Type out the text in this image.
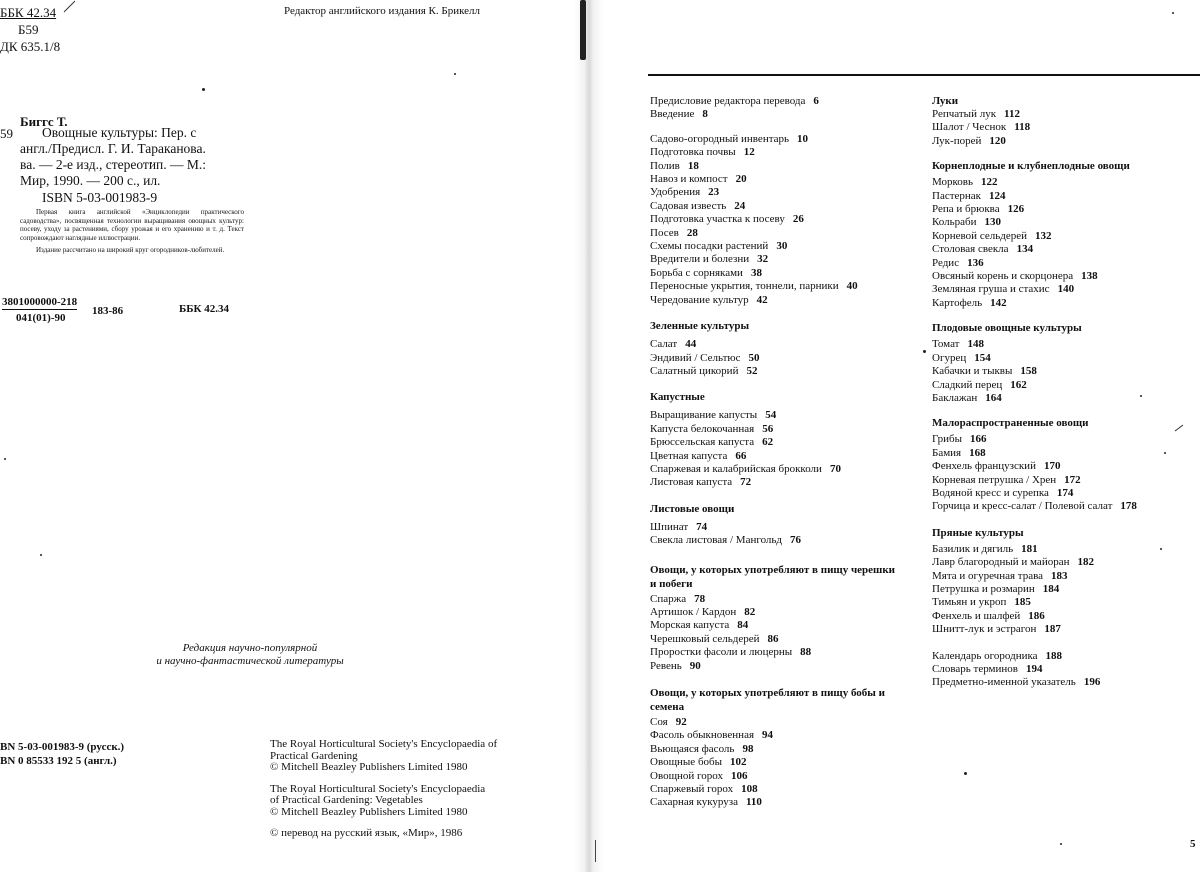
ББК 42.34
Б59
ДК 635.1/8
Редактор английского издания К. Брикелл
59
Биггс Т.
Овощные культуры: Пер. с
англ./Предисл. Г. И. Тараканова.
ва. — 2-е изд., стереотип. — М.:
Мир, 1990. — 200 с., ил.
ISBN 5-03-001983-9
Первая книга английской «Энциклопедии практического садоводства», посвященная технологии выращивания овощных культур: посеву, уходу за растениями, сбору урожая и его хранению и т. д. Текст сопровождают наглядные иллюстрации.
Издание рассчитано на широкий круг огородников-любителей.
$\frac{3801000000-218}{041(01)-90} 183-86$	ББК 42.34
Редакция научно-популярной
и научно-фантастической литературы
BN 5-03-001983-9 (русск.)
BN 0 85533 192 5 (англ.)
The Royal Horticultural Society's Encyclopaedia of
Practical Gardening
© Mitchell Beazley Publishers Limited 1980
The Royal Horticultural Society's Encyclopaedia
of Practical Gardening: Vegetables
© Mitchell Beazley Publishers Limited 1980
© перевод на русский язык, «Мир», 1986
Предисловие редактора перевода 6
Введение 8
Садово-огородный инвентарь 10
Подготовка почвы 12
Полив 18
Навоз и компост 20
Удобрения 23
Садовая известь 24
Подготовка участка к посеву 26
Посев 28
Схемы посадки растений 30
Вредители и болезни 32
Борьба с сорняками 38
Переносные укрытия, тоннели, парники 40
Чередование культур 42
Зеленные культуры
Салат 44
Эндивий / Сельтюс 50
Салатный цикорий 52
Капустные
Выращивание капусты 54
Капуста белокочанная 56
Брюссельская капуста 62
Цветная капуста 66
Спаржевая и калабрийская брокколи 70
Листовая капуста 72
Листовые овощи
Шпинат 74
Свекла листовая / Мангольд 76
Овощи, у которых употребляют в пищу черешки
и побеги
Спаржа 78
Артишок / Кардон 82
Морская капуста 84
Черешковый сельдерей 86
Проростки фасоли и люцерны 88
Ревень 90
Овощи, у которых употребляют в пищу бобы и
семена
Соя 92
Фасоль обыкновенная 94
Вьющаяся фасоль 98
Овощные бобы 102
Овощной горох 106
Спаржевый горох 108
Сахарная кукуруза 110
Луки
Репчатый лук 112
Шалот / Чеснок 118
Лук-порей 120
Корнеплодные и клубнеплодные овощи
Морковь 122
Пастернак 124
Репа и брюква 126
Кольраби 130
Корневой сельдерей 132
Столовая свекла 134
Редис 136
Овсяный корень и скорцонера 138
Земляная груша и стахис 140
Картофель 142
Плодовые овощные культуры
Томат 148
Огурец 154
Кабачки и тыквы 158
Сладкий перец 162
Баклажан 164
Малораспространенные овощи
Грибы 166
Бамия 168
Фенхель французский 170
Корневая петрушка / Хрен 172
Водяной кресс и сурепка 174
Горчица и кресс-салат / Полевой салат 178
Пряные культуры
Базилик и дягиль 181
Лавр благородный и майоран 182
Мята и огуречная трава 183
Петрушка и розмарин 184
Тимьян и укроп 185
Фенхель и шалфей 186
Шнитт-лук и эстрагон 187
Календарь огородника 188
Словарь терминов 194
Предметно-именной указатель 196
5
